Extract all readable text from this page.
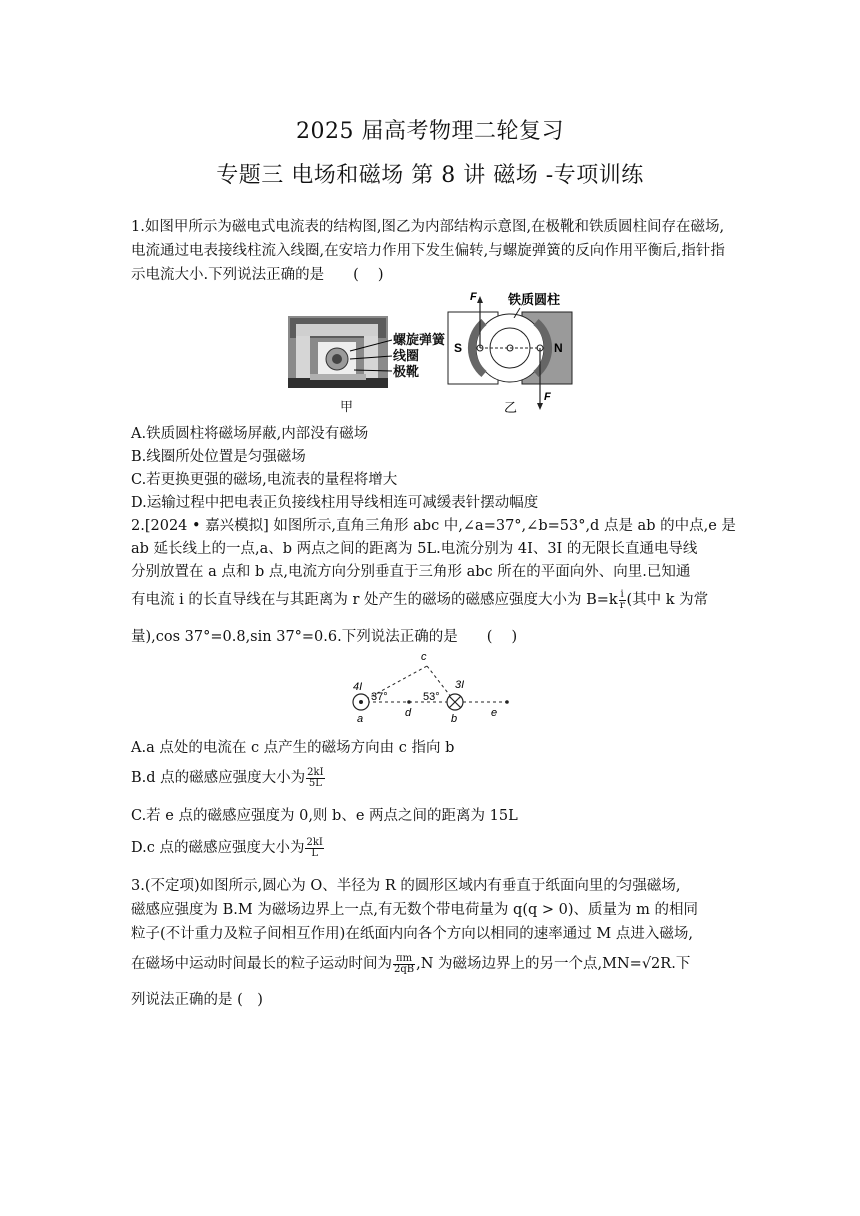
2025 届高考物理二轮复习
专题三 电场和磁场 第 8 讲 磁场 -专项训练
1.如图甲所示为磁电式电流表的结构图,图乙为内部结构示意图,在极靴和铁质圆柱间存在磁场,电流通过电表接线柱流入线圈,在安培力作用下发生偏转,与螺旋弹簧的反向作用平衡后,指针指示电流大小.下列说法正确的是　　(　 )
螺旋弹簧
线圈
极靴
甲
S	N
F
F
乙
铁质圆柱
A.铁质圆柱将磁场屏蔽,内部没有磁场
B.线圈所处位置是匀强磁场
C.若更换更强的磁场,电流表的量程将增大
D.运输过程中把电表正负接线柱用导线相连可减缓表针摆动幅度
2.[2024 • 嘉兴模拟] 如图所示,直角三角形 abc 中,∠a=37°,∠b=53°,d 点是 ab 的中点,e 是
ab 延长线上的一点,a、b 两点之间的距离为 5L.电流分别为 4I、3I 的无限长直通电导线
分别放置在 a 点和 b 点,电流方向分别垂直于三角形 abc 所在的平面向外、向里.已知通
有电流 i 的长直导线在与其距离为 r 处产生的磁场的磁感应强度大小为 $B=k \frac{i}{r}$ (其中 k 为常
量),cos 37°=0.8,sin 37°=0.6.下列说法正确的是　　(　 )
4I	3I
37°	53°
a	b
c
d	e
A.a 点处的电流在 c 点产生的磁场方向由 c 指向 b
B.d 点的磁感应强度大小为 $\frac{2kI}{5L}$
C.若 e 点的磁感应强度为 0,则 b、e 两点之间的距离为 15L
D.c 点的磁感应强度大小为 $\frac{2kI}{L}$
3.(不定项)如图所示,圆心为 O、半径为 R 的圆形区域内有垂直于纸面向里的匀强磁场,
磁感应强度为 B.M 为磁场边界上一点,有无数个带电荷量为 q(q > 0)、质量为 m 的相同
粒子(不计重力及粒子间相互作用)在纸面内向各个方向以相同的速率通过 M 点进入磁场,
在磁场中运动时间最长的粒子运动时间为 $\frac{\pi m}{2qB} ,N$ 为磁场边界上的另一个点,MN=√2R.下
列说法正确的是 (　)
